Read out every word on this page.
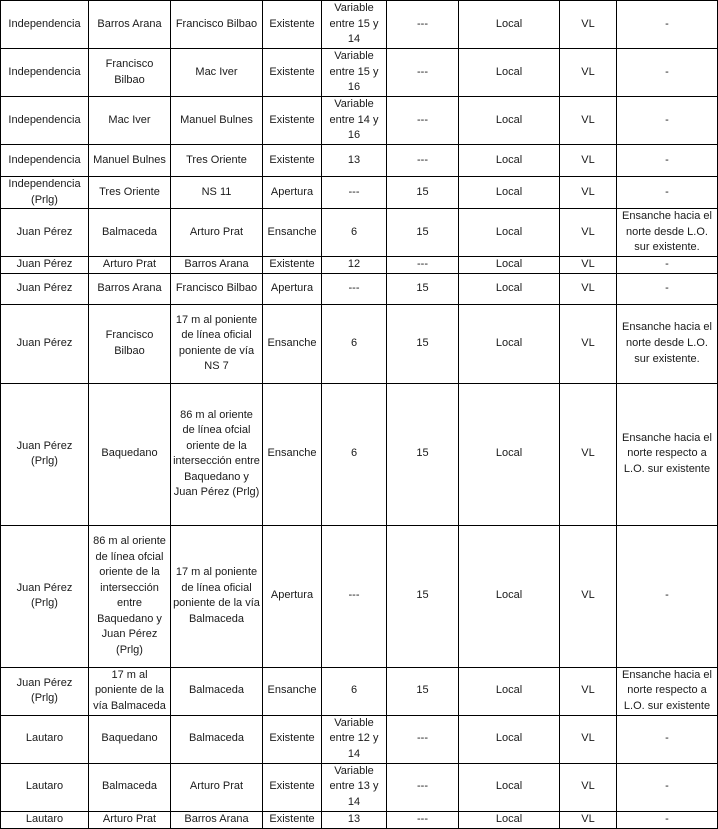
Independencia	Barros Arana	Francisco Bilbao	Existente	Variable entre 15 y 14	---	Local	VL	-
Independencia	Francisco Bilbao	Mac Iver	Existente	Variable entre 15 y 16	---	Local	VL	-
Independencia	Mac Iver	Manuel Bulnes	Existente	Variable entre 14 y 16	---	Local	VL	-
Independencia	Manuel Bulnes	Tres Oriente	Existente	13	---	Local	VL	-
Independencia (Prlg)	Tres Oriente	NS 11	Apertura	---	15	Local	VL	-
Juan Pérez	Balmaceda	Arturo Prat	Ensanche	6	15	Local	VL	Ensanche hacia el norte desde L.O. sur existente.
Juan Pérez	Arturo Prat	Barros Arana	Existente	12	---	Local	VL	-
Juan Pérez	Barros Arana	Francisco Bilbao	Apertura	---	15	Local	VL	-
Juan Pérez	Francisco Bilbao	17 m al poniente de línea oficial poniente de vía NS 7	Ensanche	6	15	Local	VL	Ensanche hacia el norte desde L.O. sur existente.
Juan Pérez (Prlg)	Baquedano	86 m al oriente de línea ofcial oriente de la intersección entre Baquedano y Juan Pérez (Prlg)	Ensanche	6	15	Local	VL	Ensanche hacia el norte respecto a L.O. sur existente
Juan Pérez (Prlg)	86 m al oriente de línea ofcial oriente de la intersección entre Baquedano y Juan Pérez (Prlg)	17 m al poniente de línea oficial poniente de la vía Balmaceda	Apertura	---	15	Local	VL	-
Juan Pérez (Prlg)	17 m al poniente de la vía Balmaceda	Balmaceda	Ensanche	6	15	Local	VL	Ensanche hacia el norte respecto a L.O. sur existente
Lautaro	Baquedano	Balmaceda	Existente	Variable entre 12 y 14	---	Local	VL	-
Lautaro	Balmaceda	Arturo Prat	Existente	Variable entre 13 y 14	---	Local	VL	-
Lautaro	Arturo Prat	Barros Arana	Existente	13	---	Local	VL	-
